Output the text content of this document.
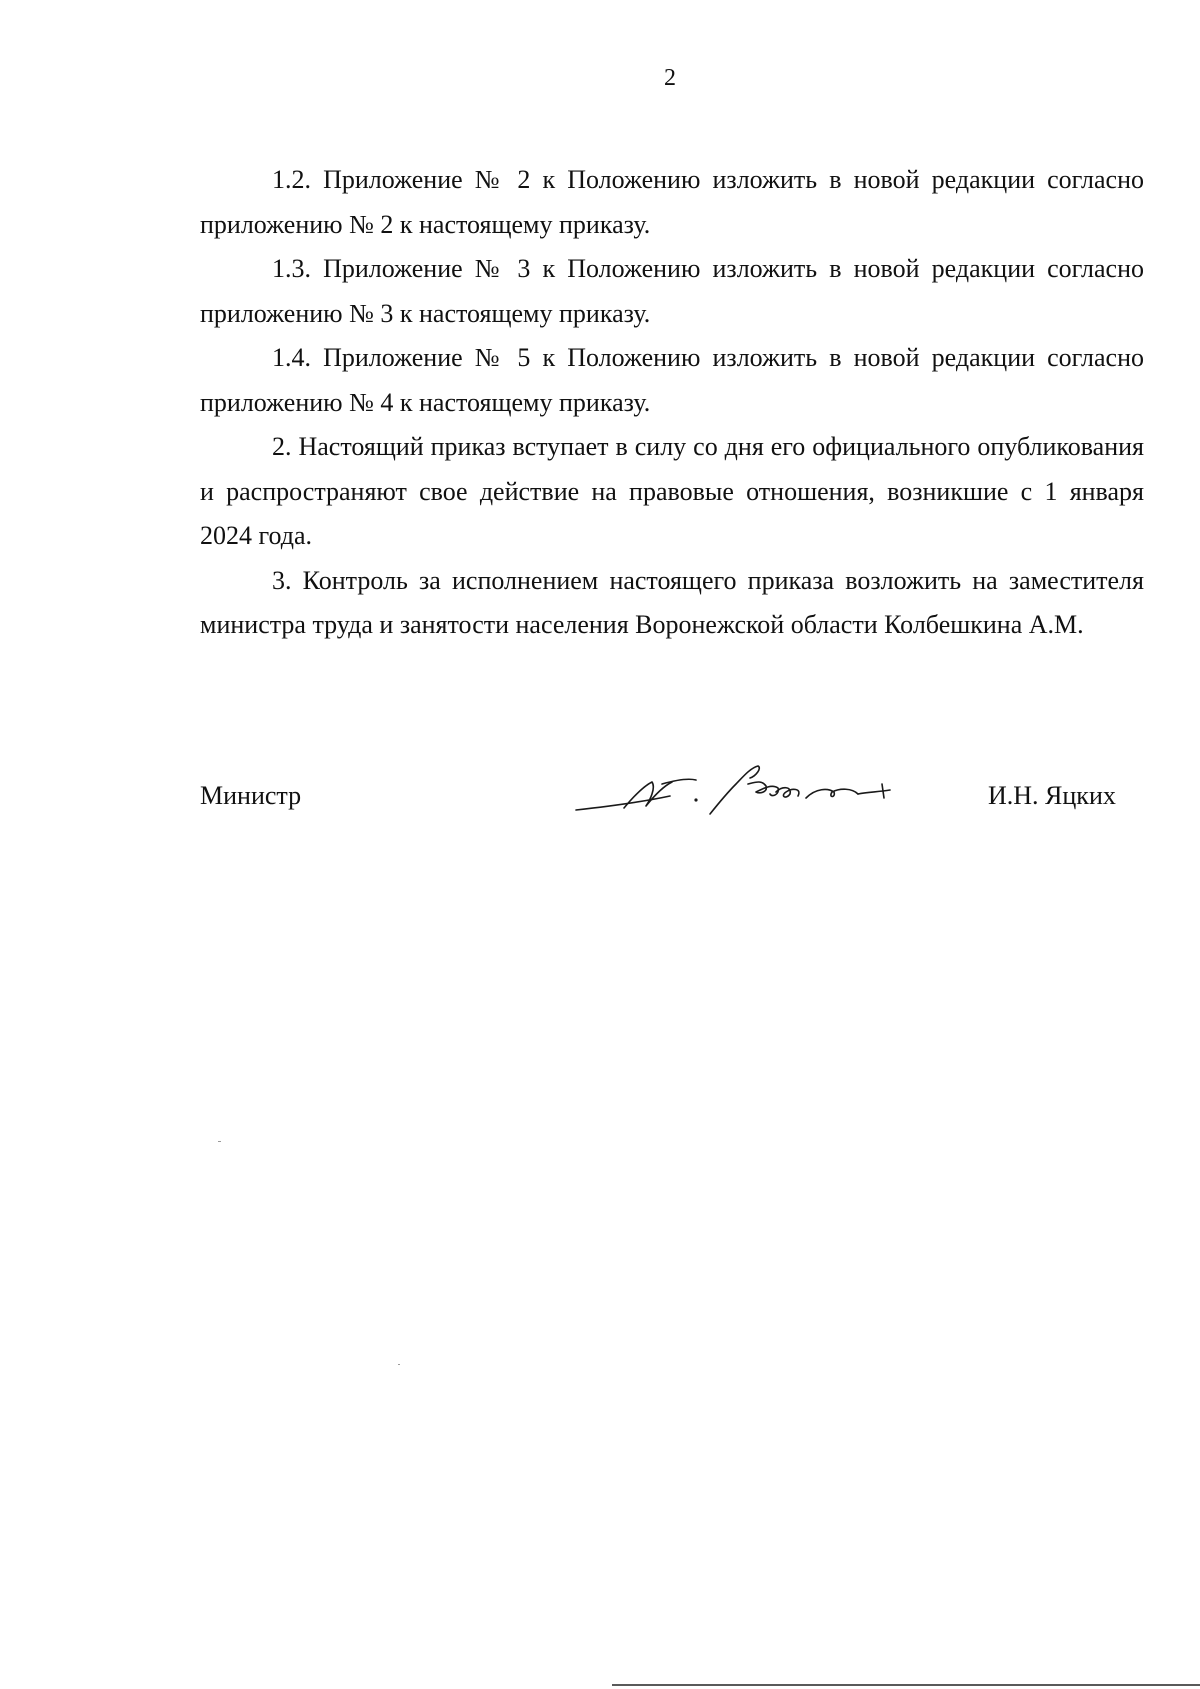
2

1.2. Приложение № 2 к Положению изложить в новой редакции согласно приложению № 2 к настоящему приказу.

1.3. Приложение № 3 к Положению изложить в новой редакции согласно приложению № 3 к настоящему приказу.

1.4. Приложение № 5 к Положению изложить в новой редакции согласно приложению № 4 к настоящему приказу.

2. Настоящий приказ вступает в силу со дня его официального опубликования и распространяют свое действие на правовые отношения, возникшие с 1 января 2024 года.

3. Контроль за исполнением настоящего приказа возложить на заместителя министра труда и занятости населения Воронежской области Колбешкина А.М.

Министр	И.Н. Яцких
